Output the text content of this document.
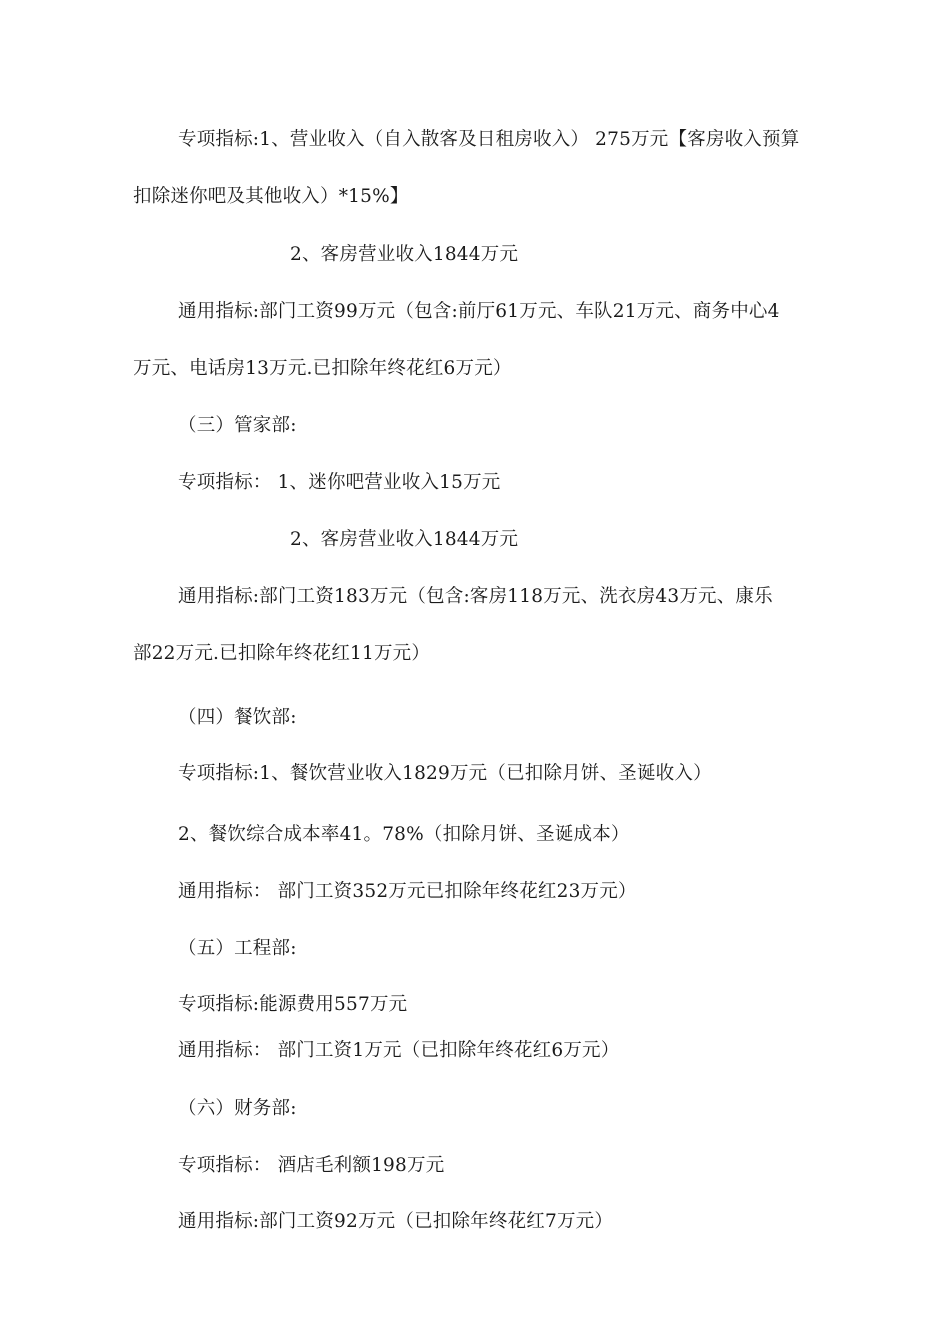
专项指标:1、营业收入（自入散客及日租房收入） 275万元【客房收入预算
扣除迷你吧及其他收入）*15%】
2、客房营业收入1844万元
通用指标:部门工资99万元（包含:前厅61万元、车队21万元、商务中心4
万元、电话房13万元.已扣除年终花红6万元）
（三）管家部:
专项指标： 1、迷你吧营业收入15万元
2、客房营业收入1844万元
通用指标:部门工资183万元（包含:客房118万元、洗衣房43万元、康乐
部22万元.已扣除年终花红11万元）
（四）餐饮部:
专项指标:1、餐饮营业收入1829万元（已扣除月饼、圣诞收入）
2、餐饮综合成本率41。78%（扣除月饼、圣诞成本）
通用指标： 部门工资352万元已扣除年终花红23万元）
（五）工程部:
专项指标:能源费用557万元
通用指标： 部门工资1万元（已扣除年终花红6万元）
（六）财务部:
专项指标： 酒店毛利额198万元
通用指标:部门工资92万元（已扣除年终花红7万元）
